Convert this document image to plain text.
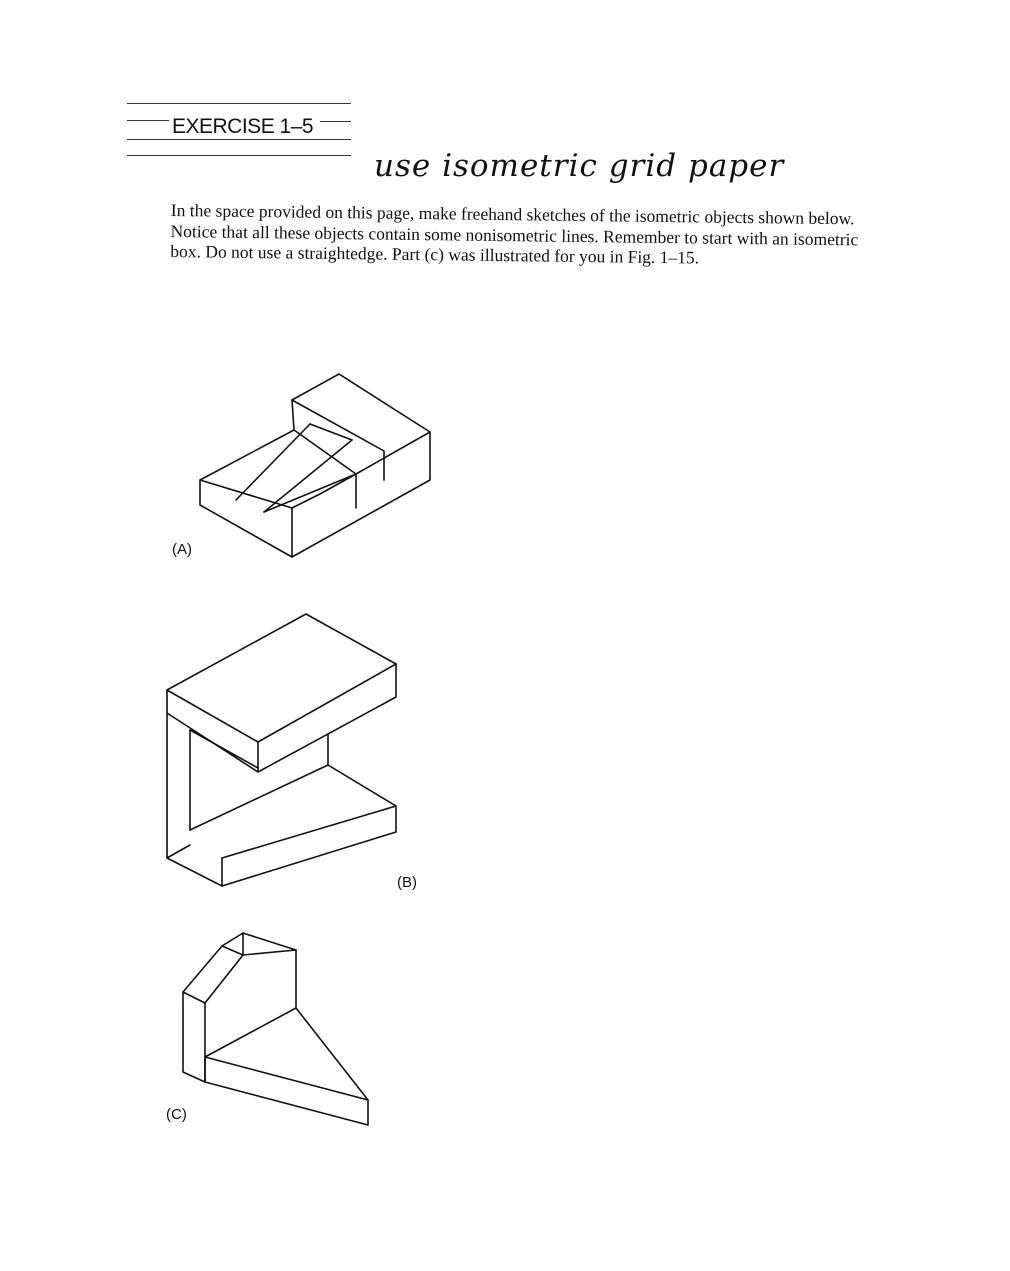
EXERCISE 1–5
use isometric grid paper

In the space provided on this page, make freehand sketches of the isometric objects shown below. Notice that all these objects contain some nonisometric lines. Remember to start with an isometric box. Do not use a straightedge. Part (c) was illustrated for you in Fig. 1–15.

(A)
(B)
(C)
